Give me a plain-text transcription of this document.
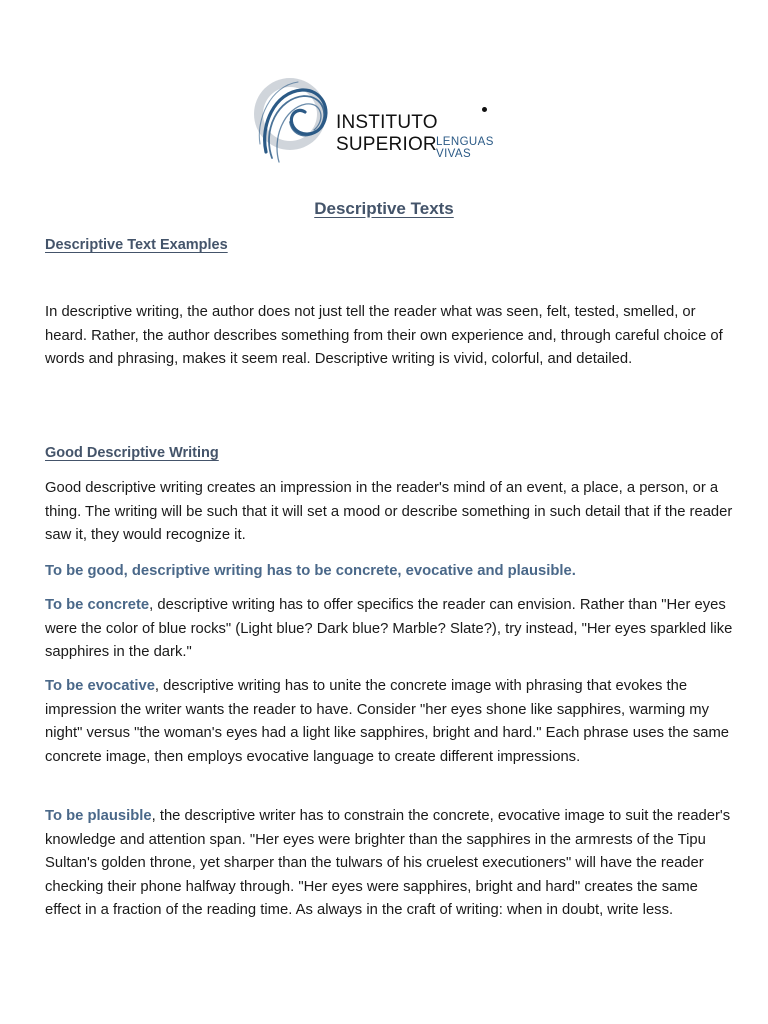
INSTITUTO SUPERIOR LENGUAS VIVAS
Descriptive Texts
Descriptive Text Examples
In descriptive writing, the author does not just tell the reader what was seen, felt, tested, smelled, or heard. Rather, the author describes something from their own experience and, through careful choice of words and phrasing, makes it seem real. Descriptive writing is vivid, colorful, and detailed.
Good Descriptive Writing
Good descriptive writing creates an impression in the reader's mind of an event, a place, a person, or a thing. The writing will be such that it will set a mood or describe something in such detail that if the reader saw it, they would recognize it.
To be good, descriptive writing has to be concrete, evocative and plausible.
To be concrete, descriptive writing has to offer specifics the reader can envision. Rather than "Her eyes were the color of blue rocks" (Light blue? Dark blue? Marble? Slate?), try instead, "Her eyes sparkled like sapphires in the dark."
To be evocative, descriptive writing has to unite the concrete image with phrasing that evokes the impression the writer wants the reader to have. Consider "her eyes shone like sapphires, warming my night" versus "the woman's eyes had a light like sapphires, bright and hard." Each phrase uses the same concrete image, then employs evocative language to create different impressions.
To be plausible, the descriptive writer has to constrain the concrete, evocative image to suit the reader's knowledge and attention span. "Her eyes were brighter than the sapphires in the armrests of the Tipu Sultan's golden throne, yet sharper than the tulwars of his cruelest executioners" will have the reader checking their phone halfway through. "Her eyes were sapphires, bright and hard" creates the same effect in a fraction of the reading time. As always in the craft of writing: when in doubt, write less.
